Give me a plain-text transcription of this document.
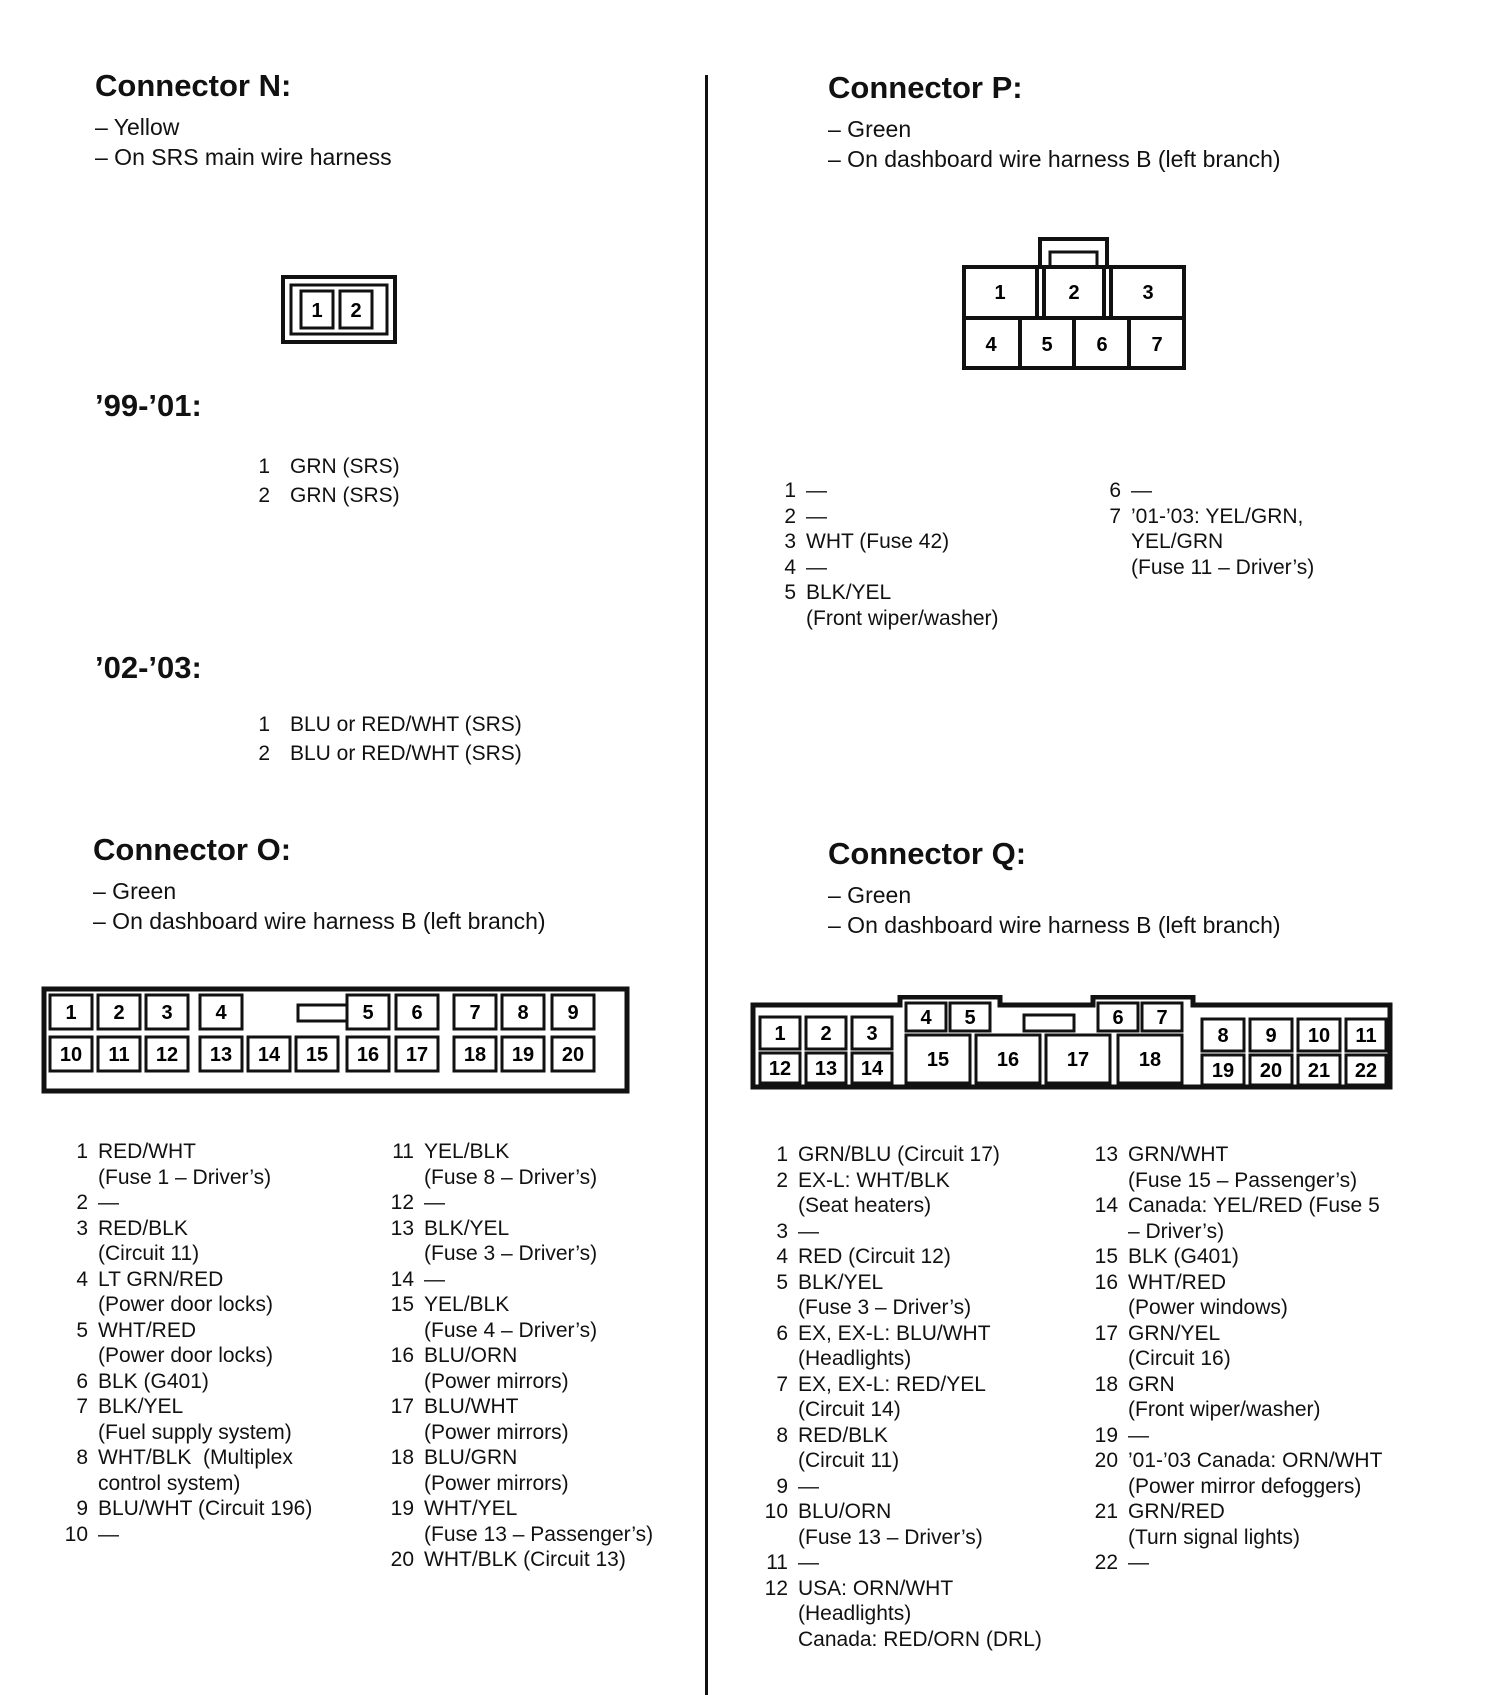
Connector N:
– Yellow
– On SRS main wire harness
1 2
’99-’01:
1 GRN (SRS)
2 GRN (SRS)
’02-’03:
1 BLU or RED/WHT (SRS)
2 BLU or RED/WHT (SRS)
Connector P:
– Green
– On dashboard wire harness B (left branch)
1	2	3
4 5 6 7
1 —
2 —
3 WHT (Fuse 42)
4 —
5 BLK/YEL
(Front wiper/washer)
6 —
7 ’01-’03: YEL/GRN,
YEL/GRN
(Fuse 11 – Driver’s)
Connector O:
– Green
– On dashboard wire harness B (left branch)
1 2 3 4	5 6 7 8 9
10 11 12 13 14 15 16 17 18 19 20
1 RED/WHT
(Fuse 1 – Driver’s)
2 —
3 RED/BLK
(Circuit 11)
4 LT GRN/RED
(Power door locks)
5 WHT/RED
(Power door locks)
6 BLK (G401)
7 BLK/YEL
(Fuel supply system)
8 WHT/BLK  (Multiplex
control system)
9 BLU/WHT (Circuit 196)
10 —
11 YEL/BLK
(Fuse 8 – Driver’s)
12 —
13 BLK/YEL
(Fuse 3 – Driver’s)
14 —
15 YEL/BLK
(Fuse 4 – Driver’s)
16 BLU/ORN
(Power mirrors)
17 BLU/WHT
(Power mirrors)
18 BLU/GRN
(Power mirrors)
19 WHT/YEL
(Fuse 13 – Passenger’s)
20 WHT/BLK (Circuit 13)
Connector Q:
– Green
– On dashboard wire harness B (left branch)
1 2 3
4 5	6 7
8 9 10 11
12 13 14 15 16 17 18	19 20 21 22
1 GRN/BLU (Circuit 17)
2 EX-L: WHT/BLK
(Seat heaters)
3 —
4 RED (Circuit 12)
5 BLK/YEL
(Fuse 3 – Driver’s)
6 EX, EX-L: BLU/WHT
(Headlights)
7 EX, EX-L: RED/YEL
(Circuit 14)
8 RED/BLK
(Circuit 11)
9 —
10 BLU/ORN
(Fuse 13 – Driver’s)
11 —
12 USA: ORN/WHT
(Headlights)
Canada: RED/ORN (DRL)
13 GRN/WHT
(Fuse 15 – Passenger’s)
14 Canada: YEL/RED (Fuse 5
– Driver’s)
15 BLK (G401)
16 WHT/RED
(Power windows)
17 GRN/YEL
(Circuit 16)
18 GRN
(Front wiper/washer)
19 —
20 ’01-’03 Canada: ORN/WHT
(Power mirror defoggers)
21 GRN/RED
(Turn signal lights)
22 —
